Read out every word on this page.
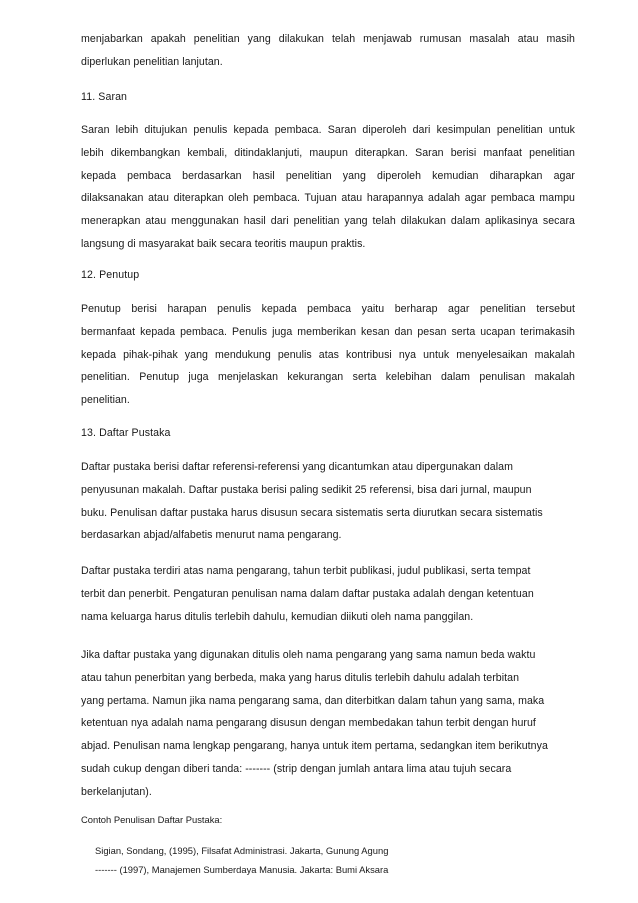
menjabarkan apakah penelitian yang dilakukan telah menjawab rumusan masalah atau masih

diperlukan penelitian lanjutan.

11. Saran

Saran lebih ditujukan penulis kepada pembaca. Saran diperoleh dari kesimpulan penelitian untuk

lebih dikembangkan kembali, ditindaklanjuti, maupun diterapkan. Saran berisi manfaat penelitian

kepada pembaca berdasarkan hasil penelitian yang diperoleh kemudian diharapkan agar

dilaksanakan atau diterapkan oleh pembaca. Tujuan atau harapannya adalah agar pembaca mampu

menerapkan atau menggunakan hasil dari penelitian yang telah dilakukan dalam aplikasinya secara

langsung di masyarakat baik secara teoritis maupun praktis.

12. Penutup

Penutup berisi harapan penulis kepada pembaca yaitu berharap agar penelitian tersebut

bermanfaat kepada pembaca. Penulis juga memberikan kesan dan pesan serta ucapan terimakasih

kepada pihak-pihak yang mendukung penulis atas kontribusi nya untuk menyelesaikan makalah

penelitian. Penutup juga menjelaskan kekurangan serta kelebihan dalam penulisan makalah

penelitian.

13. Daftar Pustaka

Daftar pustaka berisi daftar referensi-referensi yang dicantumkan atau dipergunakan dalam

penyusunan makalah. Daftar pustaka berisi paling sedikit 25 referensi, bisa dari jurnal, maupun

buku. Penulisan daftar pustaka harus disusun secara sistematis serta diurutkan secara sistematis

berdasarkan abjad/alfabetis menurut nama pengarang.

Daftar pustaka terdiri atas nama pengarang, tahun terbit publikasi, judul publikasi, serta tempat

terbit dan penerbit. Pengaturan penulisan nama dalam daftar pustaka adalah dengan ketentuan

nama keluarga harus ditulis terlebih dahulu, kemudian diikuti oleh nama panggilan.

Jika daftar pustaka yang digunakan ditulis oleh nama pengarang yang sama namun beda waktu

atau tahun penerbitan yang berbeda, maka yang harus ditulis terlebih dahulu adalah terbitan

yang pertama. Namun jika nama pengarang sama, dan diterbitkan dalam tahun yang sama, maka

ketentuan nya adalah nama pengarang disusun dengan membedakan tahun terbit dengan huruf

abjad. Penulisan nama lengkap pengarang, hanya untuk item pertama, sedangkan item berikutnya

sudah cukup dengan diberi tanda: ------- (strip dengan jumlah antara lima atau tujuh secara

berkelanjutan).

Contoh Penulisan Daftar Pustaka:
Sigian, Sondang, (1995), Filsafat Administrasi. Jakarta, Gunung Agung
------- (1997), Manajemen Sumberdaya Manusia. Jakarta: Bumi Aksara
